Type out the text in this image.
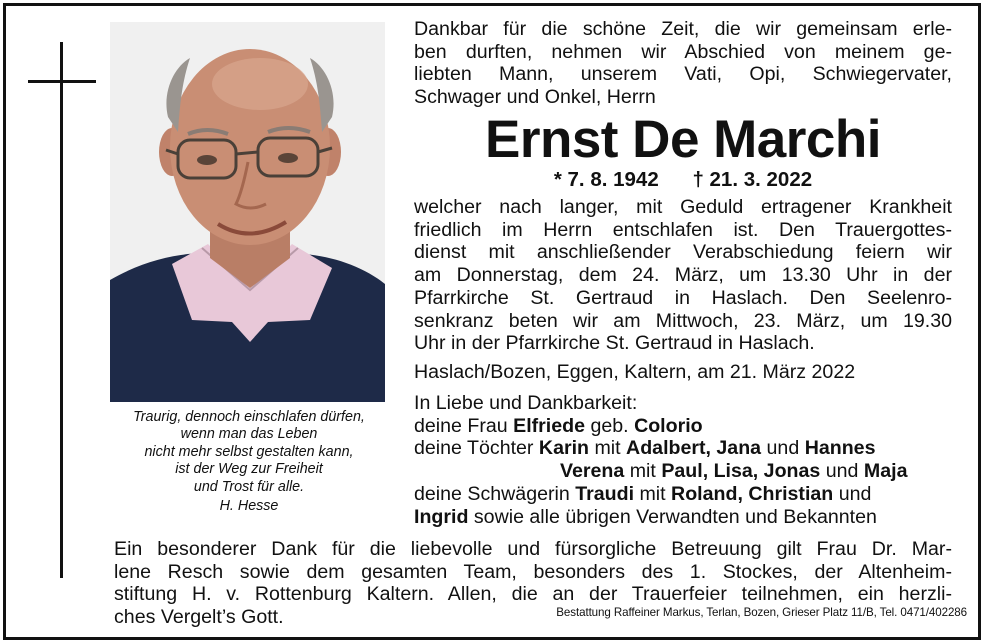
Traurig, dennoch einschlafen dürfen,
wenn man das Leben
nicht mehr selbst gestalten kann,
ist der Weg zur Freiheit
und Trost für alle.
H. Hesse

Dankbar für die schöne Zeit, die wir gemeinsam erle-

ben durften, nehmen wir Abschied von meinem ge-

liebten Mann, unserem Vati, Opi, Schwiegervater,

Schwager und Onkel, Herrn

Ernst De Marchi
* 7. 8. 1942 † 21. 3. 2022

welcher nach langer, mit Geduld ertragener Krankheit

friedlich im Herrn entschlafen ist. Den Trauergottes-

dienst mit anschließender Verabschiedung feiern wir

am Donnerstag, dem 24. März, um 13.30 Uhr in der

Pfarrkirche St. Gertraud in Haslach. Den Seelenro-

senkranz beten wir am Mittwoch, 23. März, um 19.30

Uhr in der Pfarrkirche St. Gertraud in Haslach.

Haslach/Bozen, Eggen, Kaltern, am 21. März 2022
In Liebe und Dankbarkeit:
deine Frau Elfriede geb. Colorio
deine Töchter Karin mit Adalbert, Jana und Hannes
Verena mit Paul, Lisa, Jonas und Maja
deine Schwägerin Traudi mit Roland, Christian und
Ingrid sowie alle übrigen Verwandten und Bekannten

Ein besonderer Dank für die liebevolle und fürsorgliche Betreuung gilt Frau Dr. Mar-

lene Resch sowie dem gesamten Team, besonders des 1. Stockes, der Altenheim-

stiftung H. v. Rottenburg Kaltern. Allen, die an der Trauerfeier teilnehmen, ein herzli-

ches Vergelt’s Gott.	Bestattung Raffeiner Markus, Terlan, Bozen, Grieser Platz 11/B, Tel. 0471/402286
